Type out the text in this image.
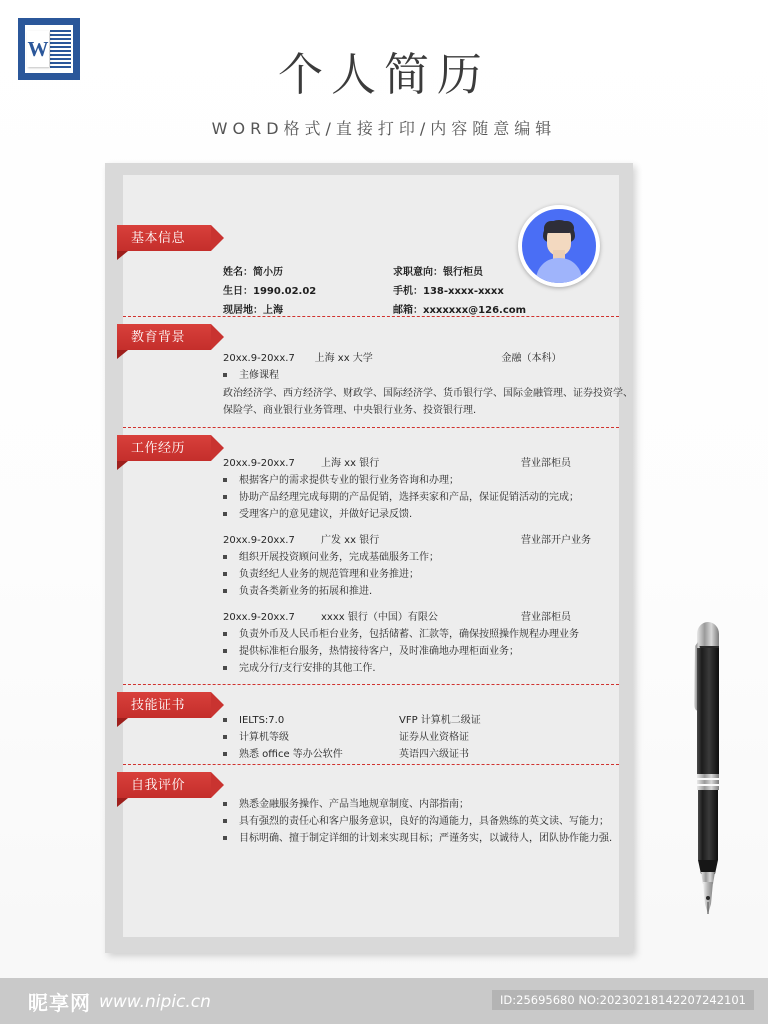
W	个人简历
WORD格式/直接打印/内容随意编辑
基本信息
姓名：简小历	求职意向：银行柜员
生日：1990.02.02	手机：138-xxxx-xxxx
现居地：上海	邮箱：xxxxxxx@126.com
教育背景
20xx.9-20xx.7	上海 xx 大学	金融（本科）
主修课程
政治经济学、西方经济学、财政学、国际经济学、货币银行学、国际金融管理、证券投资学、保险学、商业银行业务管理、中央银行业务、投资银行理.
工作经历
20xx.9-20xx.7	上海 xx 银行	营业部柜员
根据客户的需求提供专业的银行业务咨询和办理；
协助产品经理完成每期的产品促销，选择卖家和产品，保证促销活动的完成；
受理客户的意见建议，并做好记录反馈.
20xx.9-20xx.7	广发 xx 银行	营业部开户业务
组织开展投资顾问业务，完成基础服务工作；
负责经纪人业务的规范管理和业务推进；
负责各类新业务的拓展和推进.
20xx.9-20xx.7	xxxx 银行（中国）有限公	营业部柜员
负责外币及人民币柜台业务，包括储蓄、汇款等，确保按照操作规程办理业务
提供标准柜台服务，热情接待客户，及时准确地办理柜面业务；
完成分行/支行安排的其他工作.
技能证书
IELTS:7.0	VFP 计算机二级证
计算机等级	证券从业资格证
熟悉 office 等办公软件	英语四六级证书
自我评价
熟悉金融服务操作、产品当地规章制度、内部指南；
具有强烈的责任心和客户服务意识，良好的沟通能力，具备熟练的英文读、写能力；
目标明确、擅于制定详细的计划来实现目标；严谨务实，以诚待人，团队协作能力强.
昵享网 www.nipic.cn	ID:25695680 NO:20230218142207242101
